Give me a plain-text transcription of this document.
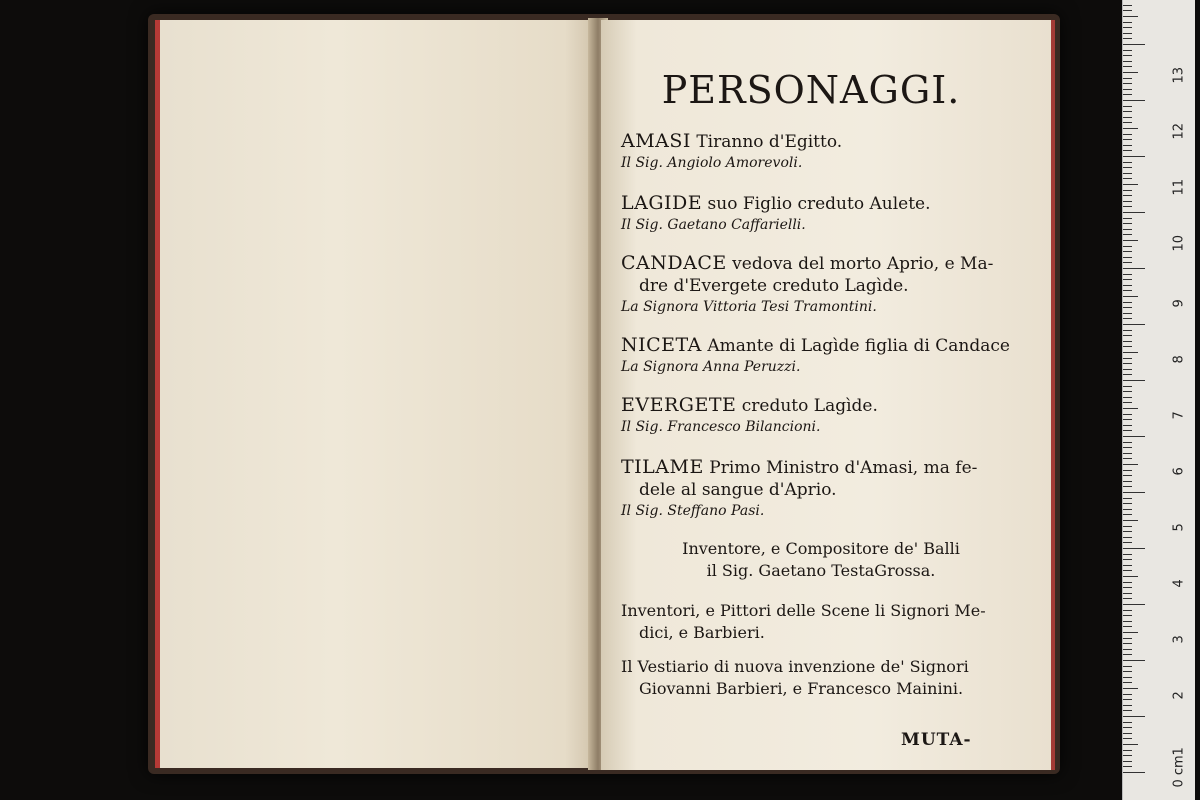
PERSONAGGI.
AMASI Tiranno d'Egitto.
Il Sig. Angiolo Amorevoli.
LAGIDE suo Figlio creduto Aulete.
Il Sig. Gaetano Caffarielli.
CANDACE vedova del morto Aprio, e Ma-
dre d'Evergete creduto Lagìde.
La Signora Vittoria Tesi Tramontini.
NICETA Amante di Lagìde figlia di Candace
La Signora Anna Peruzzi.
EVERGETE creduto Lagìde.
Il Sig. Francesco Bilancioni.
TILAME Primo Ministro d'Amasi, ma fe-
dele al sangue d'Aprio.
Il Sig. Steffano Pasi.
Inventore, e Compositore de' Balli
il Sig. Gaetano TestaGrossa.
Inventori, e Pittori delle Scene li Signori Me-
dici, e Barbieri.
Il Vestiario di nuova invenzione de' Signori
Giovanni Barbieri, e Francesco Mainini.
MUTA-
0 cm
1
2
3
4
5
6
7
8
9
10
11
12
13
